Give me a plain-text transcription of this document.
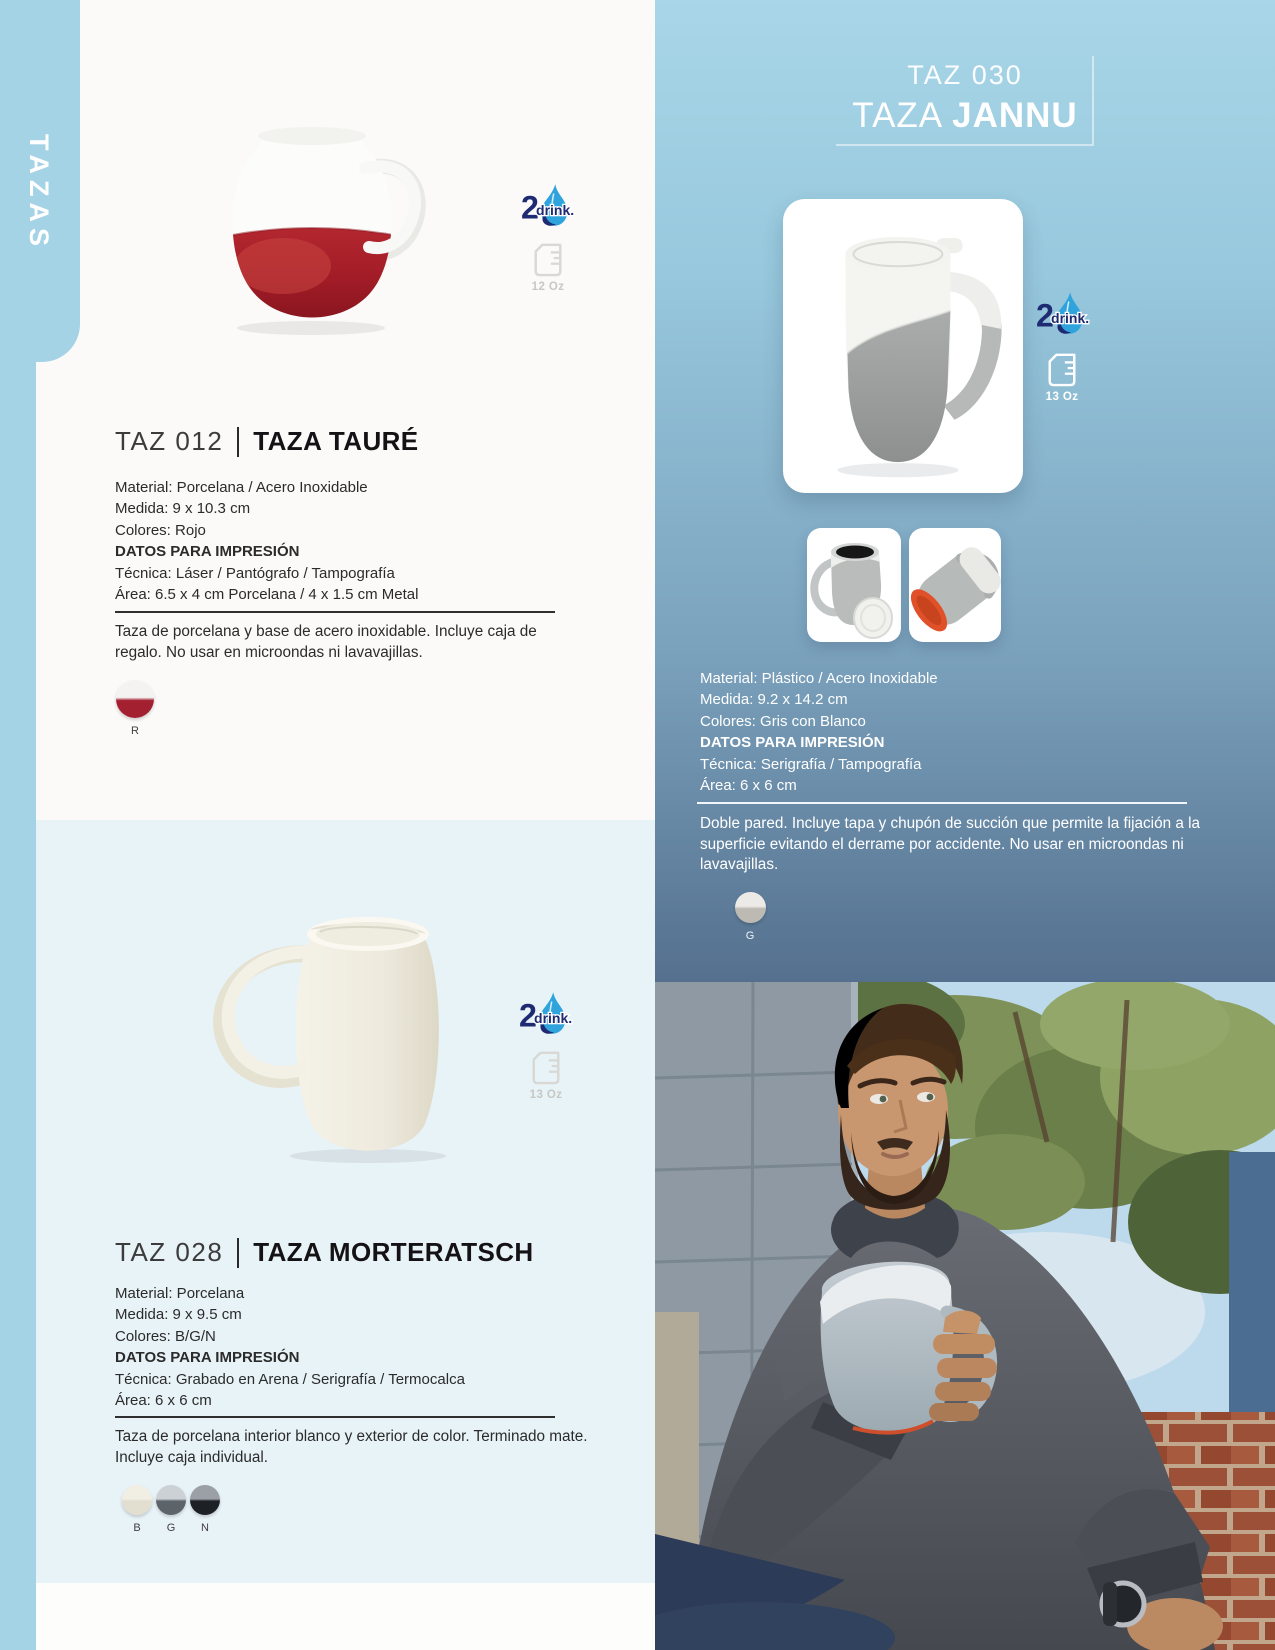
TAZAS	2
drink.
12 Oz
TAZ 012 TAZA TAURÉ
Material: Porcelana / Acero Inoxidable
Medida: 9 x 10.3 cm
Colores: Rojo
DATOS PARA IMPRESIÓN
Técnica: Láser / Pantógrafo / Tampografía
Área: 6.5 x 4 cm Porcelana / 4 x 1.5 cm Metal
Taza de porcelana y base de acero inoxidable. Incluye caja de regalo. No usar en microondas ni lavavajillas.
R
2
drink.
13 Oz
TAZ 028 TAZA MORTERATSCH
Material: Porcelana
Medida: 9 x 9.5 cm
Colores: B/G/N
DATOS PARA IMPRESIÓN
Técnica: Grabado en Arena / Serigrafía / Termocalca
Área: 6 x 6 cm
Taza de porcelana interior blanco y exterior de color. Terminado mate. Incluye caja individual.
B	G	N
TAZ 030
TAZA JANNU
2
drink.
13 Oz
Material: Plástico / Acero Inoxidable
Medida: 9.2 x 14.2 cm
Colores: Gris con Blanco
DATOS PARA IMPRESIÓN
Técnica: Serigrafía / Tampografía
Área: 6 x 6 cm
Doble pared. Incluye tapa y chupón de succión que permite la fijación a la superficie evitando el derrame por accidente. No usar en microondas ni lavavajillas.
G
